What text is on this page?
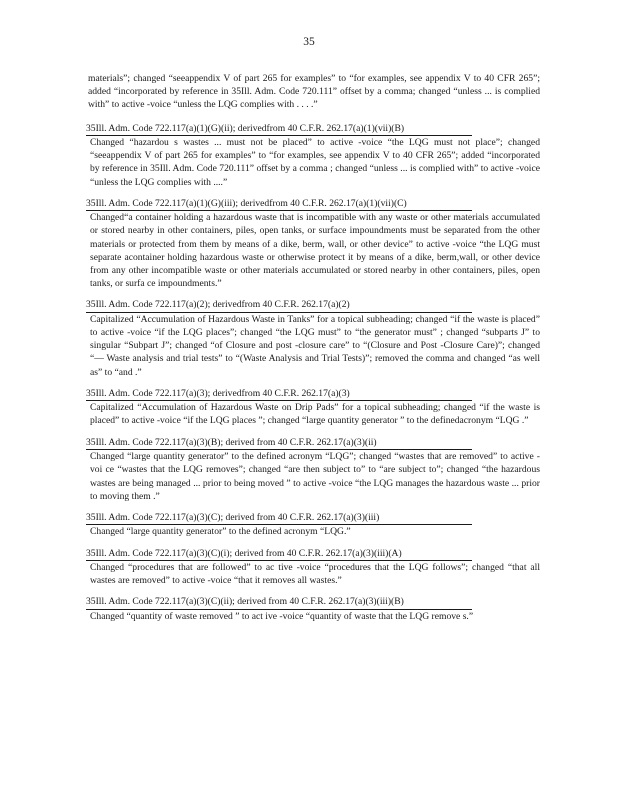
35

materials”; changed “seeappendix V of part 265 for examples” to “for examples, see appendix V to 40 CFR 265”; added “incorporated by reference in 35Ill. Adm. Code 720.111” offset by a comma; changed “unless ... is complied with” to active -voice “unless the LQG complies with . . . .”

35Ill. Adm. Code 722.117(a)(1)(G)(ii); derivedfrom 40 C.F.R. 262.17(a)(1)(vii)(B)

Changed “hazardou s wastes ... must not be placed” to active -voice “the LQG must not place”; changed “seeappendix V of part 265 for examples” to “for examples, see appendix V to 40 CFR 265”; added “incorporated by reference in 35Ill. Adm. Code 720.111” offset by a comma ; changed “unless ... is complied with” to active -voice “unless the LQG complies with ....”

35Ill. Adm. Code 722.117(a)(1)(G)(iii); derivedfrom 40 C.F.R. 262.17(a)(1)(vii)(C)

Changed“a container holding a hazardous waste that is incompatible with any waste or other materials accumulated or stored nearby in other containers, piles, open tanks, or surface impoundments must be separated from the other materials or protected from them by means of a dike, berm, wall, or other device” to active -voice “the LQG must separate acontainer holding hazardous waste or otherwise protect it by means of a dike, berm,wall, or other device from any other incompatible waste or other materials accumulated or stored nearby in other containers, piles, open tanks, or surfa ce impoundments.”

35Ill. Adm. Code 722.117(a)(2); derivedfrom 40 C.F.R. 262.17(a)(2)

Capitalized “Accumulation of Hazardous Waste in Tanks” for a topical subheading; changed “if the waste is placed” to active -voice “if the LQG places”; changed “the LQG must” to “the generator must” ; changed “subparts J” to singular “Subpart J”; changed “of Closure and post -closure care” to “(Closure and Post -Closure Care)”; changed “— Waste analysis and trial tests” to “(Waste Analysis and Trial Tests)”; removed the comma and changed “as well as” to “and .”

35Ill. Adm. Code 722.117(a)(3); derivedfrom 40 C.F.R. 262.17(a)(3)

Capitalized “Accumulation of Hazardous Waste on Drip Pads” for a topical subheading; changed “if the waste is placed” to active -voice “if the LQG places ”; changed “large quantity generator ” to the definedacronym “LQG .”

35Ill. Adm. Code 722.117(a)(3)(B); derived from 40 C.F.R. 262.17(a)(3)(ii)

Changed “large quantity generator” to the defined acronym “LQG”; changed “wastes that are removed” to active -voi ce “wastes that the LQG removes”; changed “are then subject to” to “are subject to”; changed “the hazardous wastes are being managed ... prior to being moved ” to active -voice “the LQG manages the hazardous waste ... prior to moving them .”

35Ill. Adm. Code 722.117(a)(3)(C); derived from 40 C.F.R. 262.17(a)(3)(iii)

Changed “large quantity generator” to the defined acronym “LQG.”

35Ill. Adm. Code 722.117(a)(3)(C)(i); derived from 40 C.F.R. 262.17(a)(3)(iii)(A)

Changed “procedures that are followed” to ac tive -voice “procedures that the LQG follows”; changed “that all wastes are removed” to active -voice “that it removes all wastes.”

35Ill. Adm. Code 722.117(a)(3)(C)(ii); derived from 40 C.F.R. 262.17(a)(3)(iii)(B)

Changed “quantity of waste removed ” to act ive -voice “quantity of waste that the LQG remove s.”
